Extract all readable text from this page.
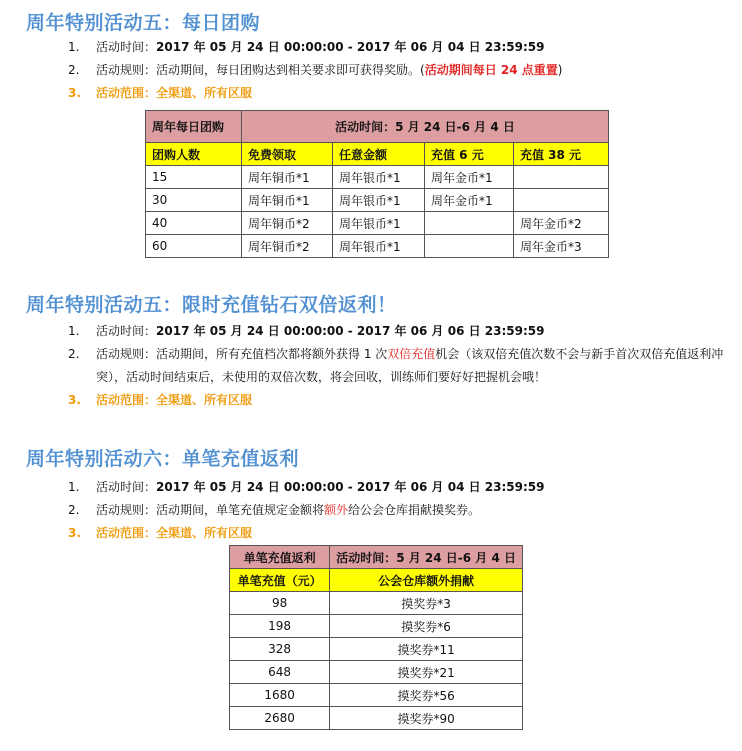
周年特别活动五：每日团购
1. 活动时间：2017 年 05 月 24 日 00:00:00 - 2017 年 06 月 04 日 23:59:59
2. 活动规则：活动期间，每日团购达到相关要求即可获得奖励。(活动期间每日 24 点重置)
3. 活动范围：全渠道、所有区服
周年每日团购	活动时间：5 月 24 日-6 月 4 日			
团购人数	免费领取	任意金额	充值 6 元	充值 38 元
15	周年铜币*1	周年银币*1	周年金币*1	
30	周年铜币*1	周年银币*1	周年金币*1	
40	周年铜币*2	周年银币*1		周年金币*2
60	周年铜币*2	周年银币*1		周年金币*3
周年特别活动五：限时充值钻石双倍返利！
1. 活动时间：2017 年 05 月 24 日 00:00:00 - 2017 年 06 月 06 日 23:59:59
2. 活动规则：活动期间，所有充值档次都将额外获得 1 次双倍充值机会（该双倍充值次数不会与新手首次双倍充值返利冲突），活动时间结束后，未使用的双倍次数，将会回收，训练师们要好好把握机会哦！
3. 活动范围：全渠道、所有区服
周年特别活动六：单笔充值返利
1. 活动时间：2017 年 05 月 24 日 00:00:00 - 2017 年 06 月 04 日 23:59:59
2. 活动规则：活动期间，单笔充值规定金额将额外给公会仓库捐献摸奖券。
3. 活动范围：全渠道、所有区服
单笔充值返利	活动时间：5 月 24 日-6 月 4 日
单笔充值（元）	公会仓库额外捐献
98	摸奖券*3
198	摸奖券*6
328	摸奖券*11
648	摸奖券*21
1680	摸奖券*56
2680	摸奖券*90
